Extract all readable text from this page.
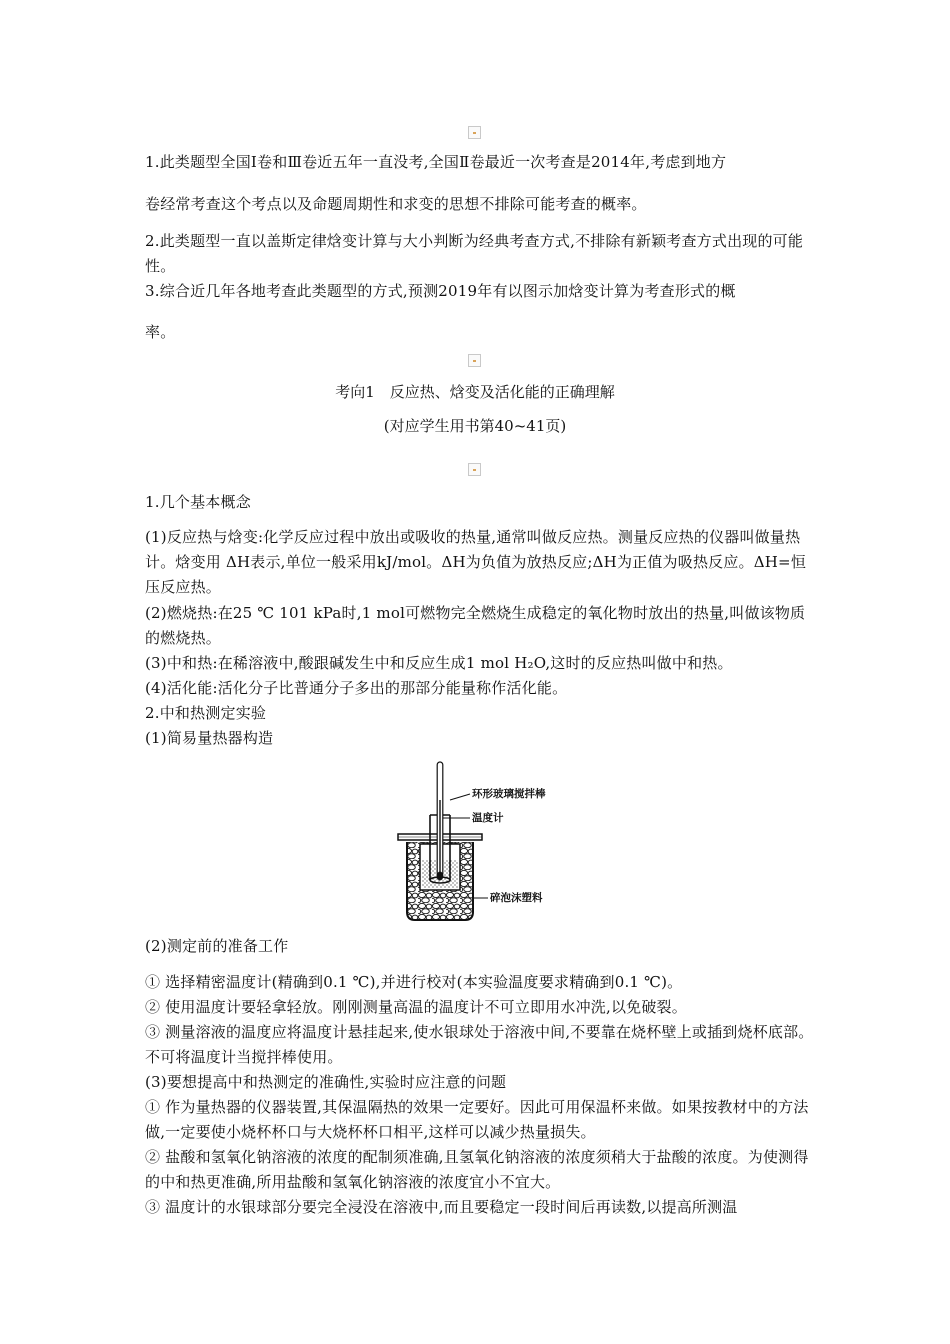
1.此类题型全国Ⅰ卷和Ⅲ卷近五年一直没考,全国Ⅱ卷最近一次考查是2014年,考虑到地方

卷经常考查这个考点以及命题周期性和求变的思想不排除可能考查的概率。

2.此类题型一直以盖斯定律焓变计算与大小判断为经典考查方式,不排除有新颖考查方式出现的可能性。

3.综合近几年各地考查此类题型的方式,预测2019年有以图示加焓变计算为考查形式的概

率。

考向1　反应热、焓变及活化能的正确理解
(对应学生用书第40~41页)

1.几个基本概念

(1)反应热与焓变:化学反应过程中放出或吸收的热量,通常叫做反应热。测量反应热的仪器叫做量热计。焓变用 ΔH表示,单位一般采用kJ/mol。ΔH为负值为放热反应;ΔH为正值为吸热反应。ΔH=恒压反应热。

(2)燃烧热:在25 ℃ 101 kPa时,1 mol可燃物完全燃烧生成稳定的氧化物时放出的热量,叫做该物质的燃烧热。

(3)中和热:在稀溶液中,酸跟碱发生中和反应生成1 mol H₂O,这时的反应热叫做中和热。

(4)活化能:活化分子比普通分子多出的那部分能量称作活化能。

2.中和热测定实验

(1)简易量热器构造

环形玻璃搅拌棒
温度计
碎泡沫塑料

(2)测定前的准备工作

① 选择精密温度计(精确到0.1 ℃),并进行校对(本实验温度要求精确到0.1 ℃)。

② 使用温度计要轻拿轻放。刚刚测量高温的温度计不可立即用水冲洗,以免破裂。

③ 测量溶液的温度应将温度计悬挂起来,使水银球处于溶液中间,不要靠在烧杯壁上或插到烧杯底部。不可将温度计当搅拌棒使用。

(3)要想提高中和热测定的准确性,实验时应注意的问题

① 作为量热器的仪器装置,其保温隔热的效果一定要好。因此可用保温杯来做。如果按教材中的方法做,一定要使小烧杯杯口与大烧杯杯口相平,这样可以减少热量损失。

② 盐酸和氢氧化钠溶液的浓度的配制须准确,且氢氧化钠溶液的浓度须稍大于盐酸的浓度。为使测得的中和热更准确,所用盐酸和氢氧化钠溶液的浓度宜小不宜大。

③ 温度计的水银球部分要完全浸没在溶液中,而且要稳定一段时间后再读数,以提高所测温
